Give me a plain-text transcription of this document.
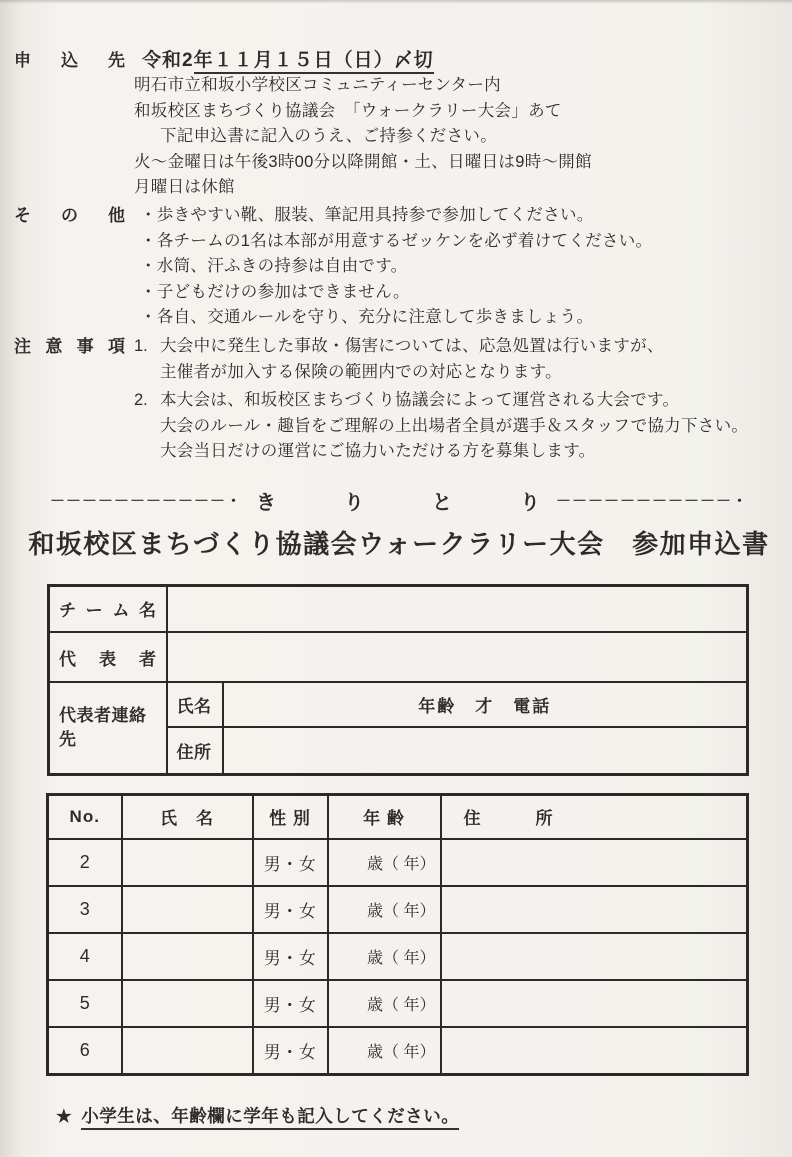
申込先 令和2年１１月１５日（日）〆切
明石市立和坂小学校区コミュニティーセンター内
和坂校区まちづくり協議会　「ウォークラリー大会」あて
下記申込書に記入のうえ、ご持参ください。
火～金曜日は午後3時00分以降開館・土、日曜日は9時～開館
月曜日は休館
その他 ・歩きやすい靴、服装、筆記用具持参で参加してください。
・各チームの1名は本部が用意するゼッケンを必ず着けてください。
・水筒、汗ふきの持参は自由です。
・子どもだけの参加はできません。
・各自、交通ルールを守り、充分に注意して歩きましょう。
注意事項 1. 大会中に発生した事故・傷害については、応急処置は行いますが、
主催者が加入する保険の範囲内での対応となります。
2. 本大会は、和坂校区まちづくり協議会によって運営される大会です。
大会のルール・趣旨をご理解の上出場者全員が選手＆スタッフで協力下さい。
大会当日だけの運営にご協力いただける方を募集します。
－－－－－－－－－－－・ き　　　り　　　と　　　り －－－－－－－－－－－・
和坂校区まちづくり協議会ウォークラリー大会　参加申込書
チーム名		
代表者		
代表者連絡先	氏名	年齢　才　電話
	住所	
No.	氏　名	性 別	年 齢	住　　　所
2		男・女	歳（ 年）	
3		男・女	歳（ 年）	
4		男・女	歳（ 年）	
5		男・女	歳（ 年）	
6		男・女	歳（ 年）	
★ 小学生は、年齢欄に学年も記入してください。
